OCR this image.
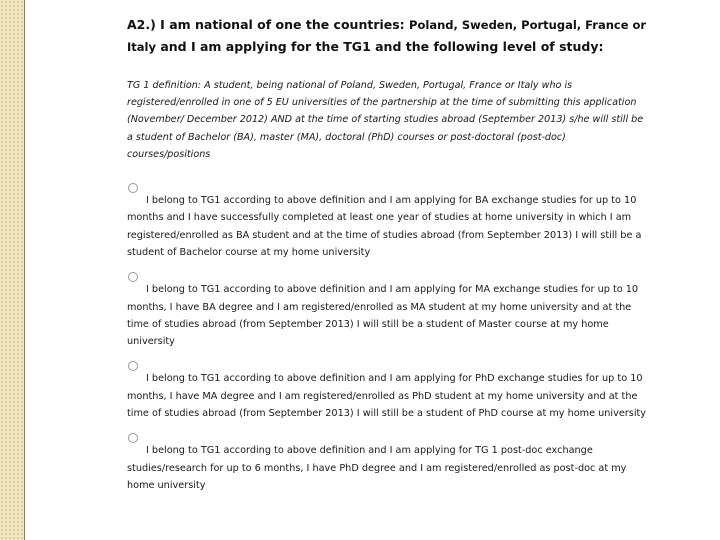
A2.) I am national of one the countries: Poland, Sweden, Portugal, France or Italy and I am applying for the TG1 and the following level of study:

TG 1 definition: A student, being national of Poland, Sweden, Portugal, France or Italy who is registered/enrolled in one of 5 EU universities of the partnership at the time of submitting this application (November/ December 2012) AND at the time of starting studies abroad (September 2013) s/he will still be a student of Bachelor (BA), master (MA), doctoral (PhD) courses or post-doctoral (post-doc) courses/positions
I belong to TG1 according to above definition and I am applying for BA exchange studies for up to 10 months and I have successfully completed at least one year of studies at home university in which I am registered/enrolled as BA student and at the time of studies abroad (from September 2013) I will still be a student of Bachelor course at my home university
I belong to TG1 according to above definition and I am applying for MA exchange studies for up to 10 months, I have BA degree and I am registered/enrolled as MA student at my home university and at the time of studies abroad (from September 2013) I will still be a student of Master course at my home university
I belong to TG1 according to above definition and I am applying for PhD exchange studies for up to 10 months, I have MA degree and I am registered/enrolled as PhD student at my home university and at the time of studies abroad (from September 2013) I will still be a student of PhD course at my home university
I belong to TG1 according to above definition and I am applying for TG 1 post-doc exchange studies/research for up to 6 months, I have PhD degree and I am registered/enrolled as post-doc at my home university
